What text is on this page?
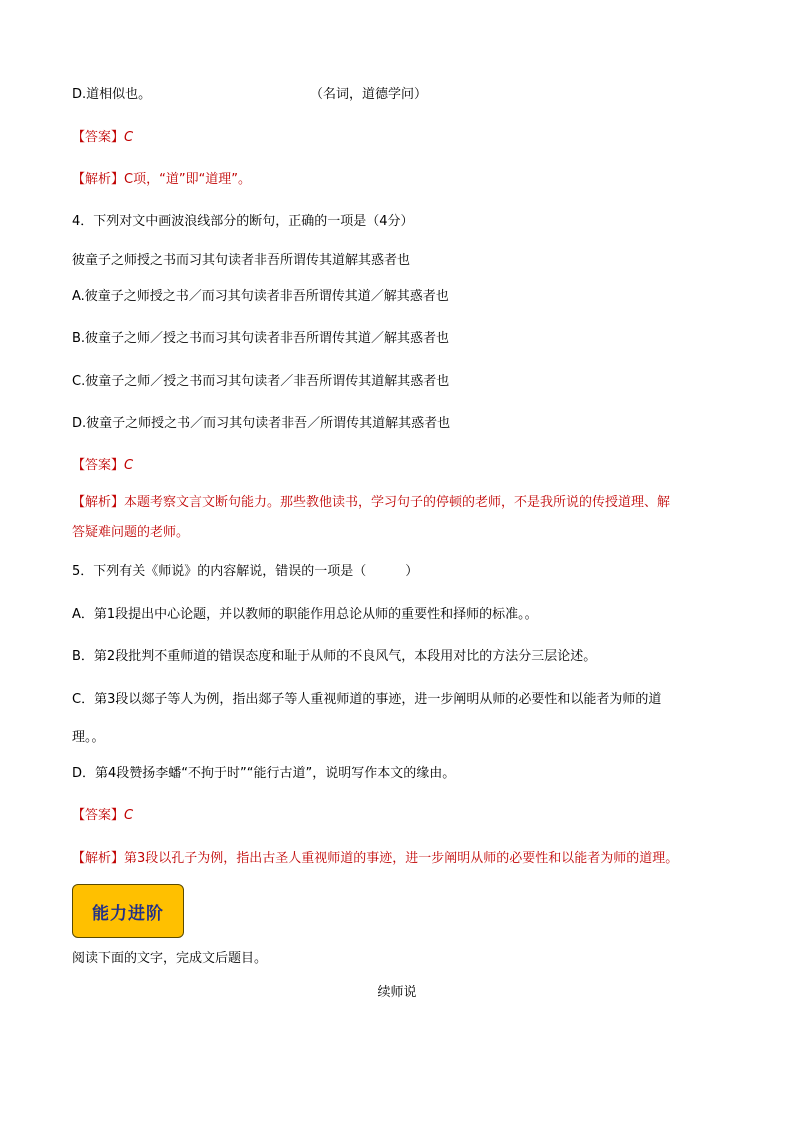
D.道相似也。	（名词，道德学问）
【答案】C
【解析】C项，“道”即“道理”。
4．下列对文中画波浪线部分的断句，正确的一项是（4分）
彼童子之师授之书而习其句读者非吾所谓传其道解其惑者也
A.彼童子之师授之书／而习其句读者非吾所谓传其道／解其惑者也
B.彼童子之师／授之书而习其句读者非吾所谓传其道／解其惑者也
C.彼童子之师／授之书而习其句读者／非吾所谓传其道解其惑者也
D.彼童子之师授之书／而习其句读者非吾／所谓传其道解其惑者也
【答案】C
【解析】本题考察文言文断句能力。那些教他读书，学习句子的停顿的老师，不是我所说的传授道理、解
答疑难问题的老师。
5．下列有关《师说》的内容解说，错误的一项是（　　　）
A．第1段提出中心论题，并以教师的职能作用总论从师的重要性和择师的标准。。
B．第2段批判不重师道的错误态度和耻于从师的不良风气，本段用对比的方法分三层论述。
C．第3段以郯子等人为例，指出郯子等人重视师道的事迹，进一步阐明从师的必要性和以能者为师的道
理。。
D．第4段赞扬李蟠“不拘于时”“能行古道”，说明写作本文的缘由。
【答案】C
【解析】第3段以孔子为例，指出古圣人重视师道的事迹，进一步阐明从师的必要性和以能者为师的道理。
能力进阶
阅读下面的文字，完成文后题目。
续师说
